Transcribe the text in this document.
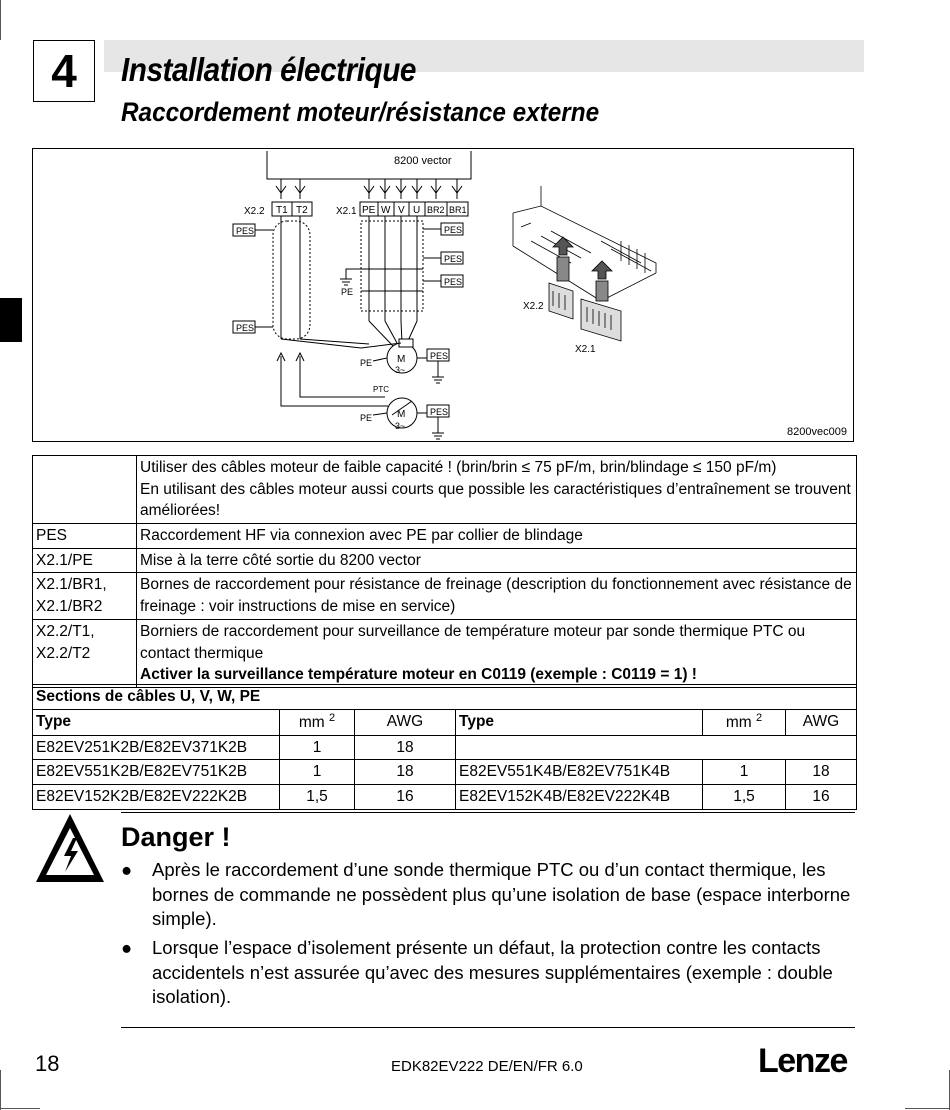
4	Installation électrique
Raccordement moteur/résistance externe
8200 vector
X2.2 T1 T2	X2.1 PE W V U BR2 BR1
PES
PES
PES
PES
PES
PE
M
3~
PE
PES
PTC
M
3~
PE
PES
X2.2
X2.1
8200vec009

	Utiliser des câbles moteur de faible capacité ! (brin/brin ≤ 75 pF/m, brin/blindage ≤ 150 pF/m)
En utilisant des câbles moteur aussi courts que possible les caractéristiques d’entraînement se trouvent améliorées!

PES	Raccordement HF via connexion avec PE par collier de blindage
X2.1/PE	Mise à la terre côté sortie du 8200 vector
X2.1/BR1, X2.1/BR2	Bornes de raccordement pour résistance de freinage (description du fonctionnement avec résistance de freinage : voir instructions de mise en service)
X2.2/T1, X2.2/T2	Borniers de raccordement pour surveillance de température moteur par sonde thermique PTC ou contact thermique
Activer la surveillance température moteur en C0119 (exemple : C0119 = 1) !
Sections de câbles U, V, W, PE					
Type	mm $^2$	AWG	Type	mm $^2$	AWG
E82EV251K2B/E82EV371K2B	1	18			
E82EV551K2B/E82EV751K2B	1	18	E82EV551K4B/E82EV751K4B	1	18
E82EV152K2B/E82EV222K2B	1,5	16	E82EV152K4B/E82EV222K4B	1,5	16
Danger !
● Après le raccordement d’une sonde thermique PTC ou d’un contact thermique, les bornes de commande ne possèdent plus qu’une isolation de base (espace interborne simple).
● Lorsque l’espace d’isolement présente un défaut, la protection contre les contacts accidentels n’est assurée qu’avec des mesures supplémentaires (exemple : double isolation).
18	EDK82EV222 DE/EN/FR 6.0	Lenze
